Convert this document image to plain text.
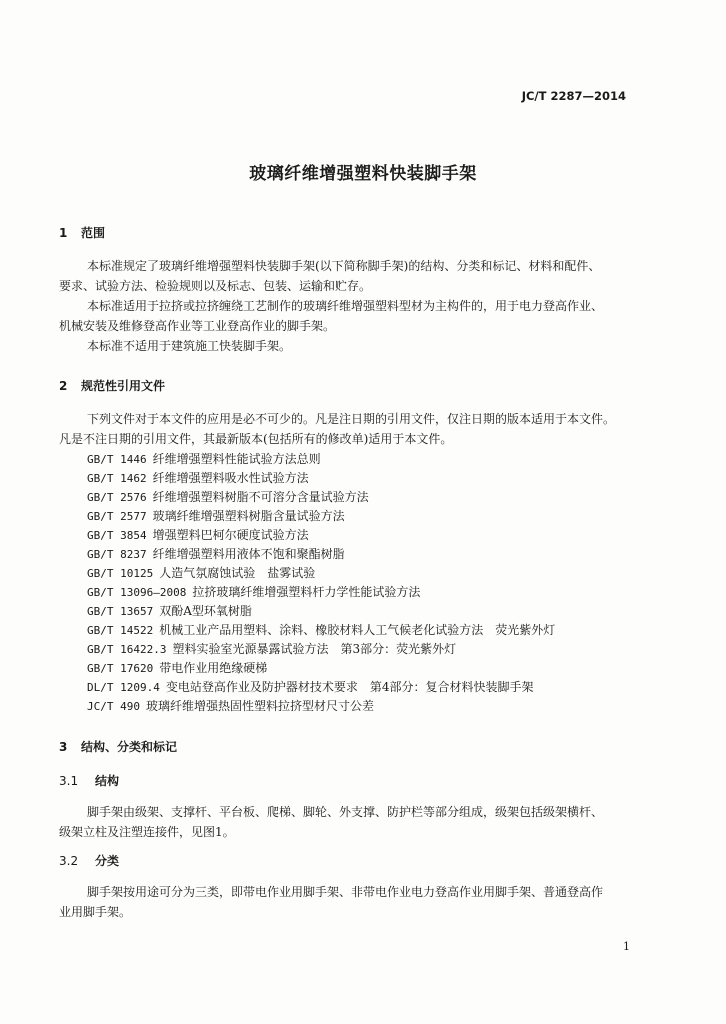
JC/T 2287—2014
玻璃纤维增强塑料快装脚手架
1 范围

本标准规定了玻璃纤维增强塑料快装脚手架(以下简称脚手架)的结构、分类和标记、材料和配件、

要求、试验方法、检验规则以及标志、包装、运输和贮存。

本标准适用于拉挤或拉挤缠绕工艺制作的玻璃纤维增强塑料型材为主构件的，用于电力登高作业、

机械安装及维修登高作业等工业登高作业的脚手架。

本标准不适用于建筑施工快装脚手架。

2 规范性引用文件

下列文件对于本文件的应用是必不可少的。凡是注日期的引用文件，仅注日期的版本适用于本文件。

凡是不注日期的引用文件，其最新版本(包括所有的修改单)适用于本文件。

GB/T 1446 纤维增强塑料性能试验方法总则
GB/T 1462 纤维增强塑料吸水性试验方法
GB/T 2576 纤维增强塑料树脂不可溶分含量试验方法
GB/T 2577 玻璃纤维增强塑料树脂含量试验方法
GB/T 3854 增强塑料巴柯尔硬度试验方法
GB/T 8237 纤维增强塑料用液体不饱和聚酯树脂
GB/T 10125 人造气氛腐蚀试验　盐雾试验
GB/T 13096—2008 拉挤玻璃纤维增强塑料杆力学性能试验方法
GB/T 13657 双酚A型环氧树脂
GB/T 14522 机械工业产品用塑料、涂料、橡胶材料人工气候老化试验方法　荧光紫外灯
GB/T 16422.3 塑料实验室光源暴露试验方法　第3部分：荧光紫外灯
GB/T 17620 带电作业用绝缘硬梯
DL/T 1209.4 变电站登高作业及防护器材技术要求　第4部分：复合材料快装脚手架
JC/T 490 玻璃纤维增强热固性塑料拉挤型材尺寸公差
3 结构、分类和标记
3.1 结构

脚手架由级架、支撑杆、平台板、爬梯、脚轮、外支撑、防护栏等部分组成，级架包括级架横杆、

级架立柱及注塑连接件，见图1。

3.2 分类

脚手架按用途可分为三类，即带电作业用脚手架、非带电作业电力登高作业用脚手架、普通登高作

业用脚手架。

1
